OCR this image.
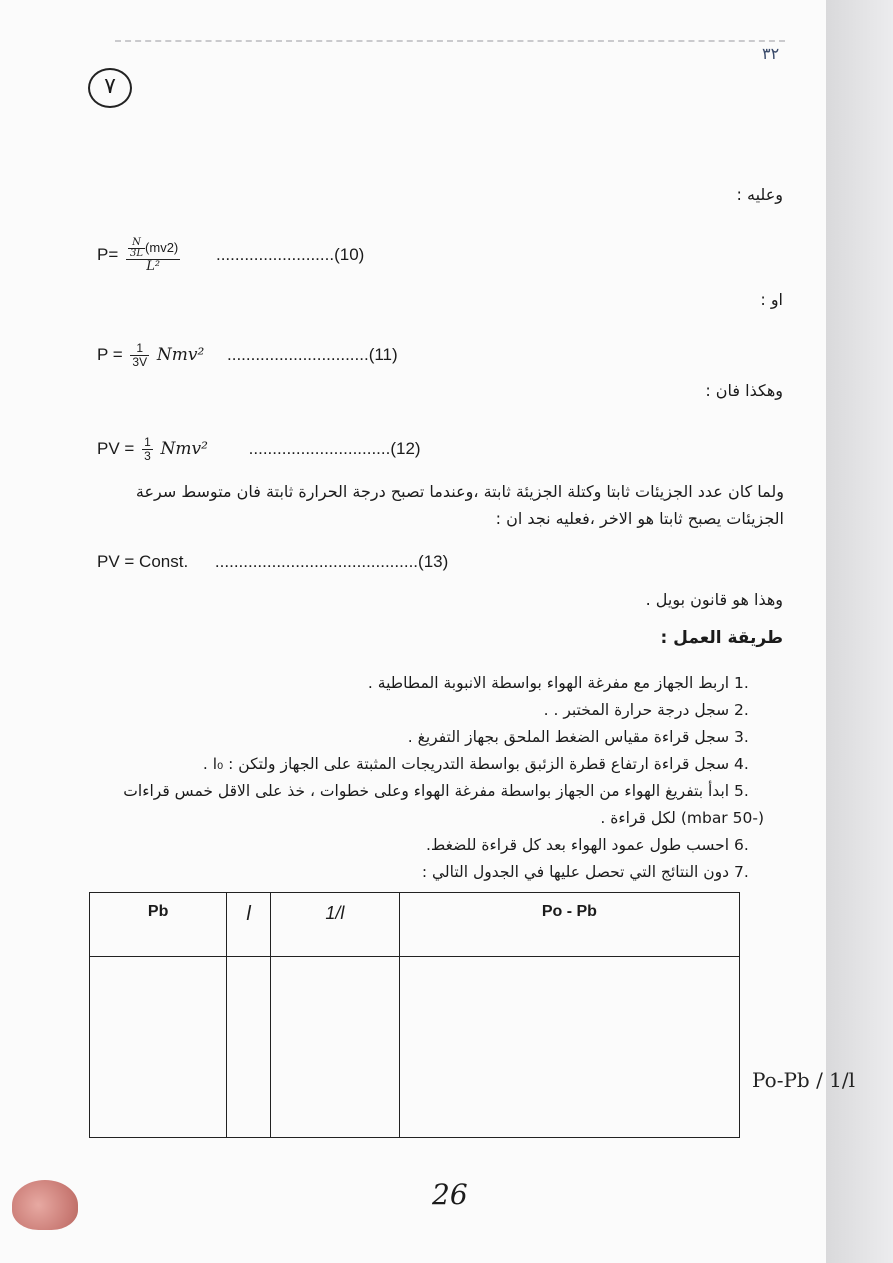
٧
٣٢
وعليه :
$P= \frac{\frac{N}{3L} (mv2)}{\text{L²}} .........................(10)$
او :
$P = \frac{1}{3V} Nmv^2$ ..............................(11)
وهكذا فان :
PV = $\frac{1}{3} Nmv^2$ ..............................(12)
ولما كان عدد الجزيئات ثابتا وكتلة الجزيئة ثابتة ،وعندما تصبح درجة الحرارة ثابتة فان متوسط سرعة الجزيئات يصبح ثابتا هو الاخر ،فعليه نجد ان :
PV = Const. ...........................................(13)
وهذا هو قانون بويل .
طريقة العمل :
1. اربط الجهاز مع مفرغة الهواء بواسطة الانبوبة المطاطية .
2. سجل درجة حرارة المختبر . .
3. سجل قراءة مقياس الضغط الملحق بجهاز التفريغ .
4. سجل قراءة ارتفاع قطرة الزئبق بواسطة التدريجات المثبتة على الجهاز ولتكن : l₀ .
5. ابدأ بتفريغ الهواء من الجهاز بواسطة مفرغة الهواء وعلى خطوات ، خذ على الاقل خمس قراءات (-50 mbar) لكل قراءة .
6. احسب طول عمود الهواء بعد كل قراءة للضغط.
7. دون النتائج التي تحصل عليها في الجدول التالي :
Pb	l	1/l	Po - Pb

Po-Pb / 1/l
26
